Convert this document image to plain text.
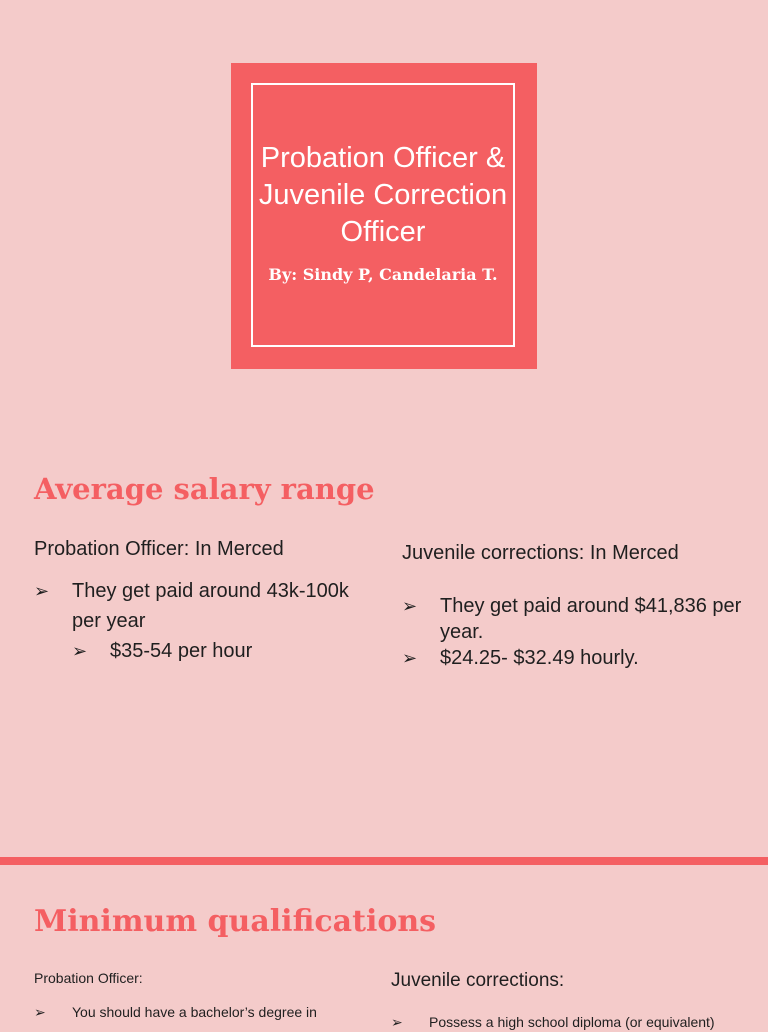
Probation Officer & Juvenile Correction Officer
By: Sindy P, Candelaria T.
Average salary range
Probation Officer: In Merced
➢ They get paid around 43k-100k per year
➢ $35-54 per hour
Juvenile corrections: In Merced
➢ They get paid around $41,836 per year.
➢ $24.25- $32.49 hourly.
Minimum qualifications
Probation Officer:
➢ You should have a bachelor’s degree in
Juvenile corrections:
➢ Possess a high school diploma (or equivalent)
